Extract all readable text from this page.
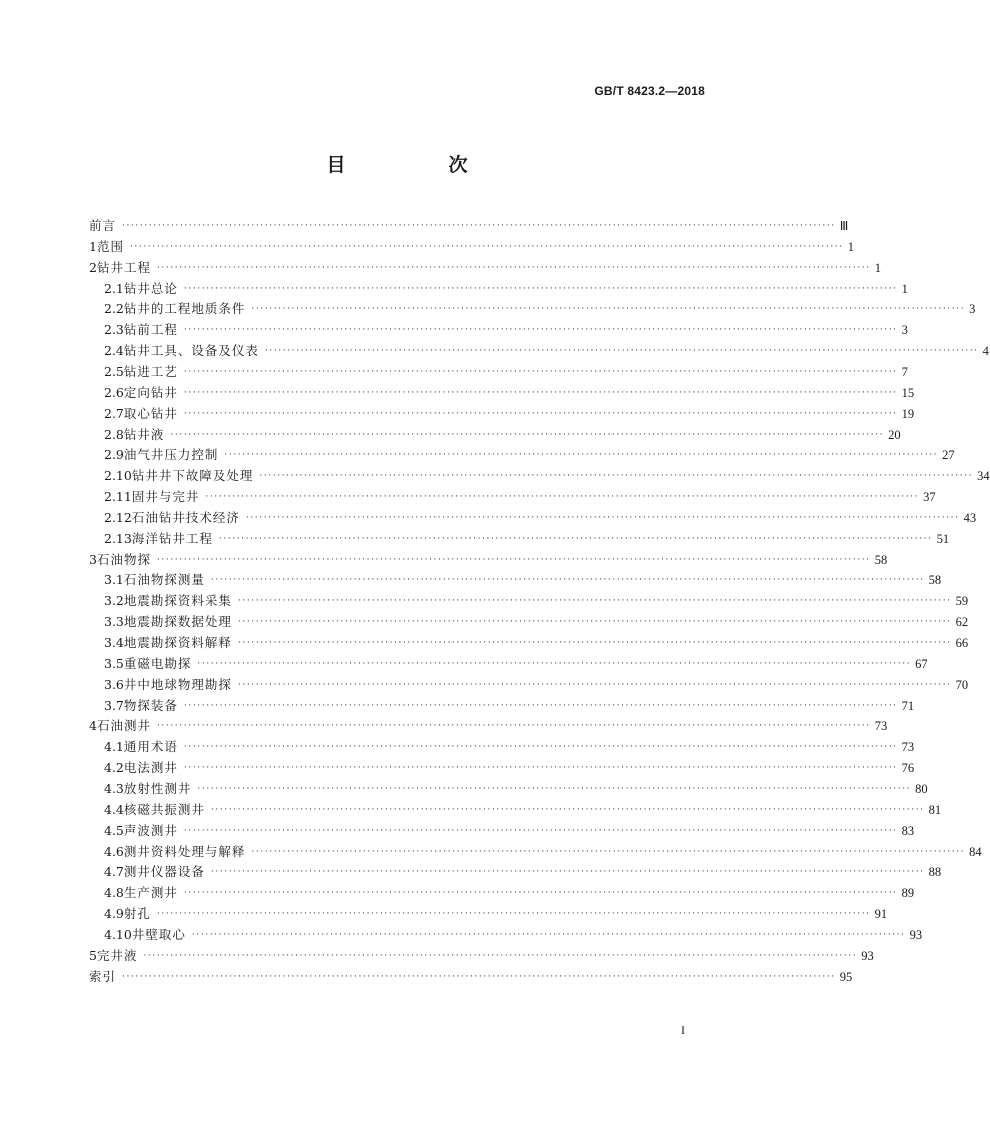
GB/T 8423.2—2018
目　次
前言 ································································································································································ Ⅲ
1 范围 ································································································································································ 1
2 钻井工程 ································································································································································ 1
2.1 钻井总论 ································································································································································ 1
2.2 钻井的工程地质条件 ································································································································································ 3
2.3 钻前工程 ································································································································································ 3
2.4 钻井工具、设备及仪表 ································································································································································ 4
2.5 钻进工艺 ································································································································································ 7
2.6 定向钻井 ································································································································································ 15
2.7 取心钻井 ································································································································································ 19
2.8 钻井液 ································································································································································ 20
2.9 油气井压力控制 ································································································································································ 27
2.10 钻井井下故障及处理 ································································································································································ 34
2.11 固井与完井 ································································································································································ 37
2.12 石油钻井技术经济 ································································································································································ 43
2.13 海洋钻井工程 ································································································································································ 51
3 石油物探 ································································································································································ 58
3.1 石油物探测量 ································································································································································ 58
3.2 地震勘探资料采集 ································································································································································ 59
3.3 地震勘探数据处理 ································································································································································ 62
3.4 地震勘探资料解释 ································································································································································ 66
3.5 重磁电勘探 ································································································································································ 67
3.6 井中地球物理勘探 ································································································································································ 70
3.7 物探装备 ································································································································································ 71
4 石油测井 ································································································································································ 73
4.1 通用术语 ································································································································································ 73
4.2 电法测井 ································································································································································ 76
4.3 放射性测井 ································································································································································ 80
4.4 核磁共振测井 ································································································································································ 81
4.5 声波测井 ································································································································································ 83
4.6 测井资料处理与解释 ································································································································································ 84
4.7 测井仪器设备 ································································································································································ 88
4.8 生产测井 ································································································································································ 89
4.9 射孔 ································································································································································ 91
4.10 井壁取心 ································································································································································ 93
5 完井液 ································································································································································ 93
索引 ································································································································································ 95
I
